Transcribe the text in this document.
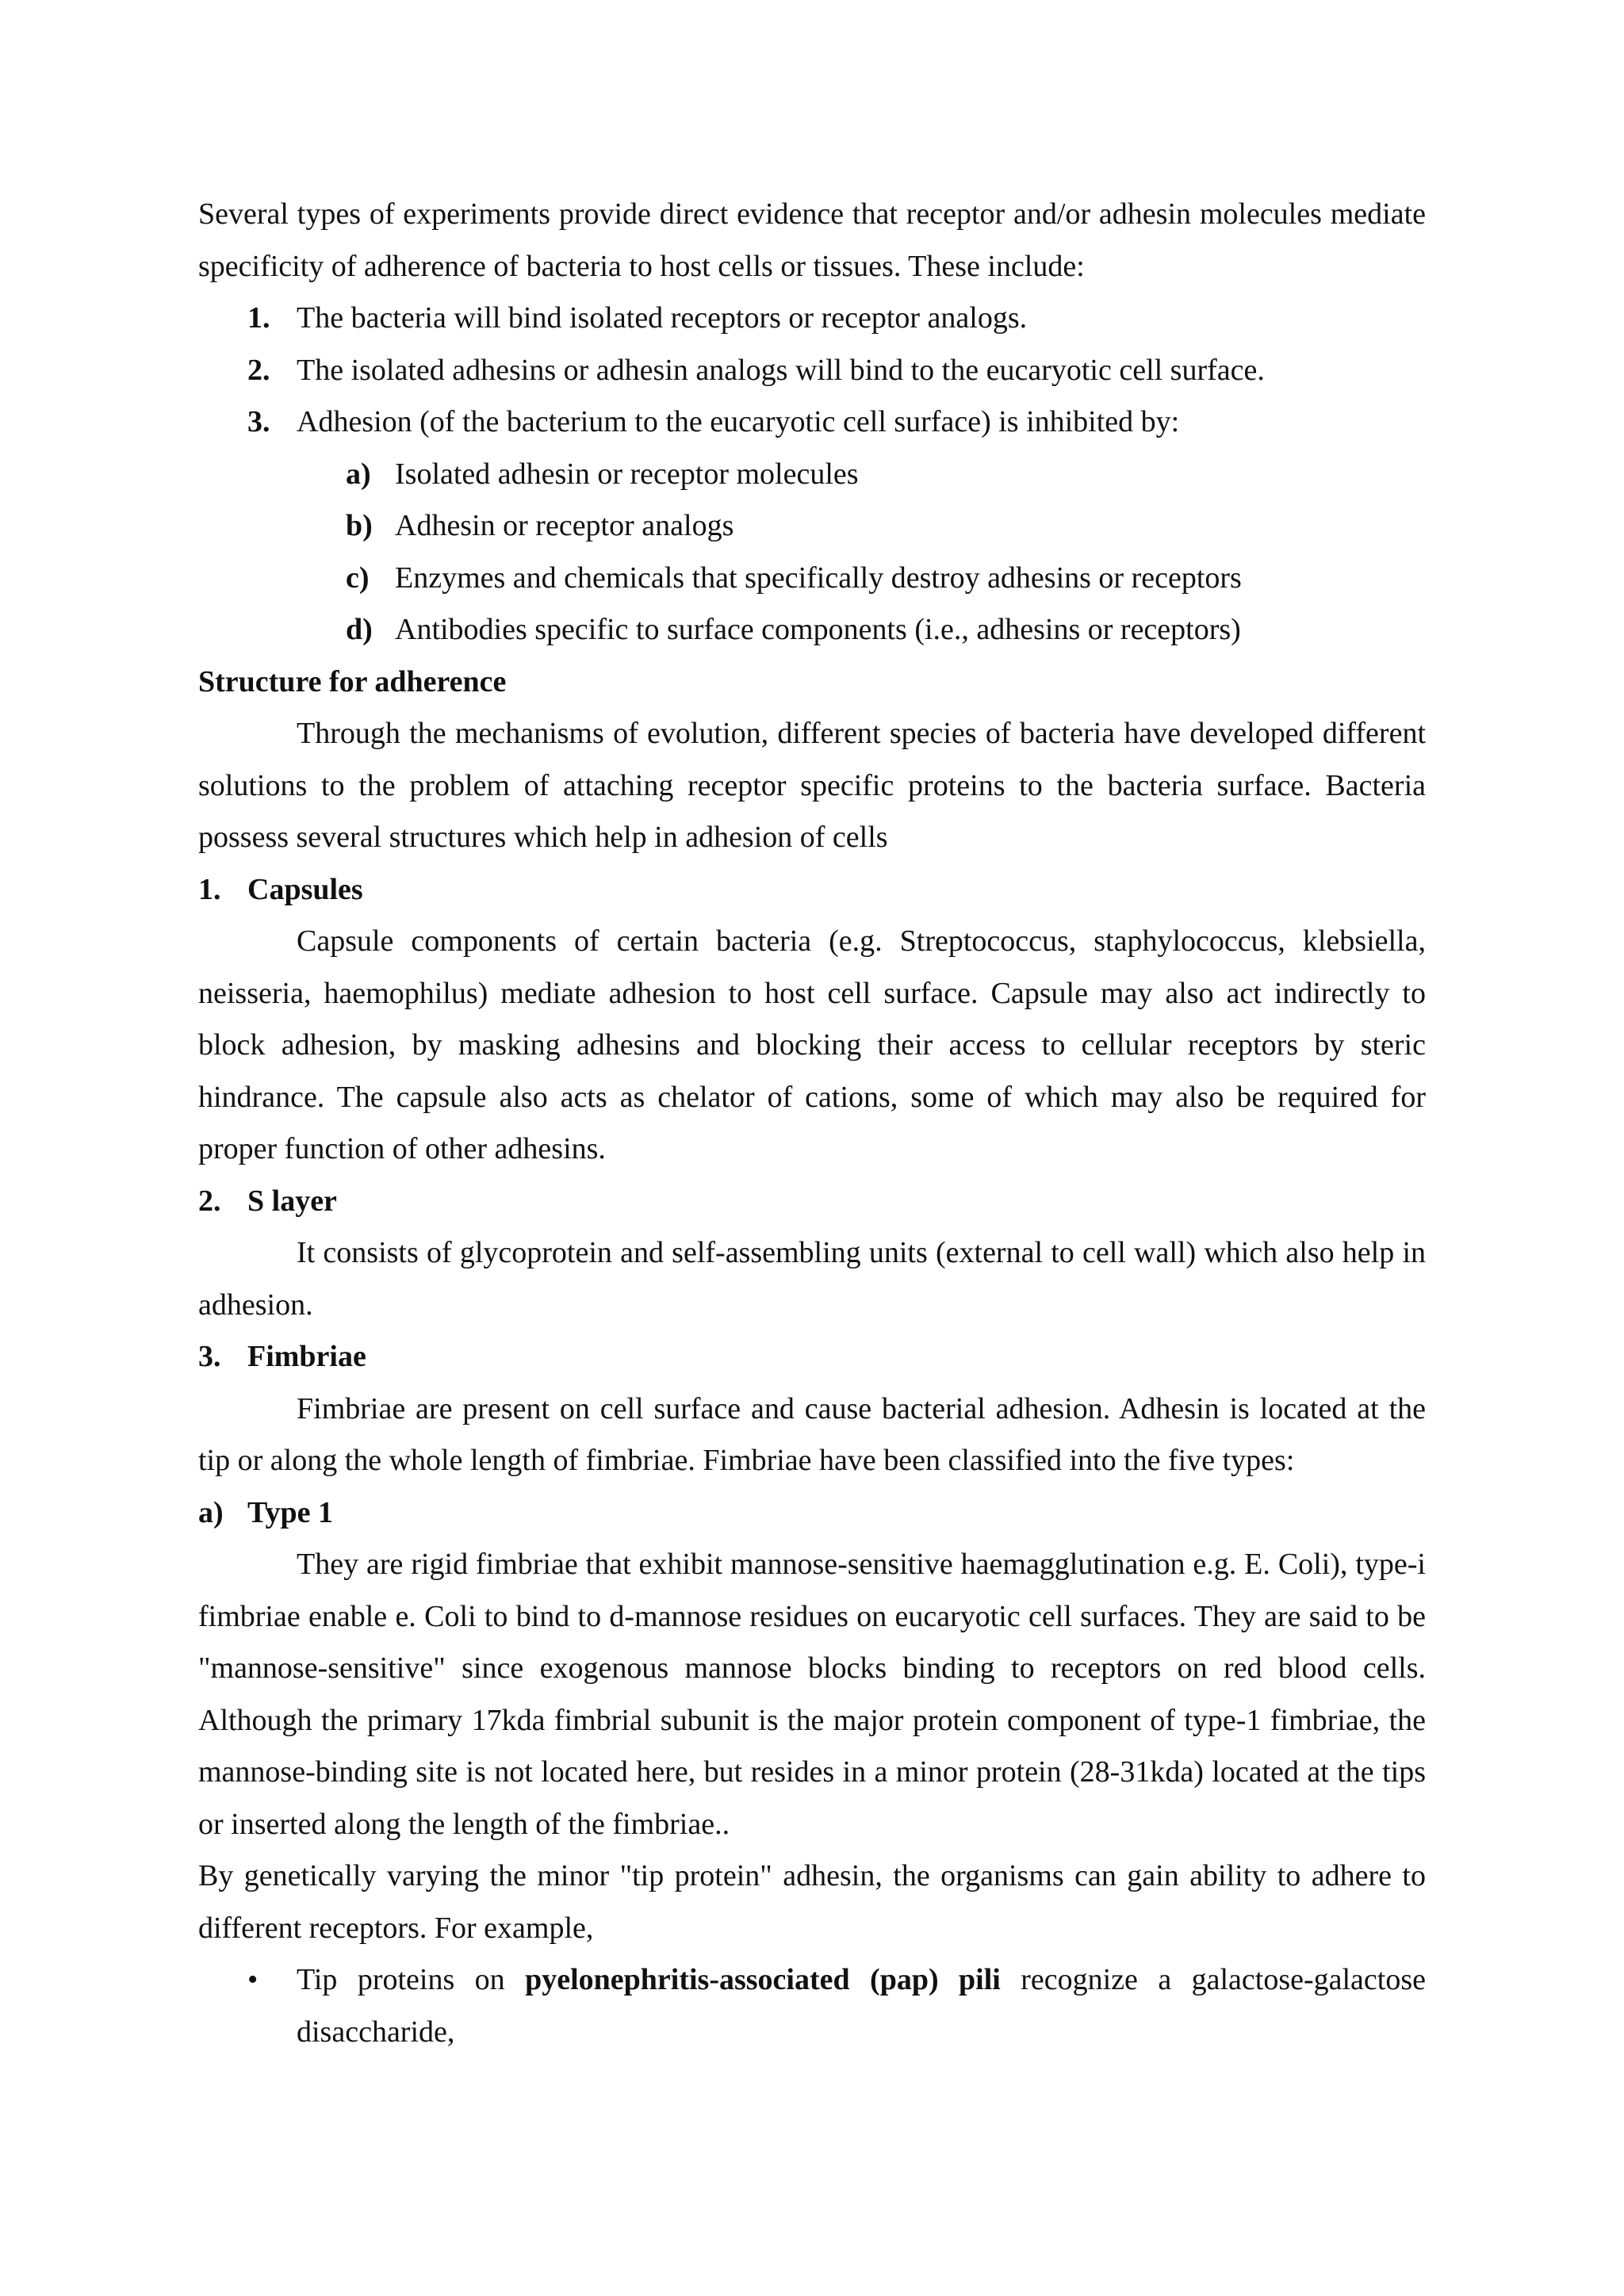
Several types of experiments provide direct evidence that receptor and/or adhesin molecules mediate specificity of adherence of bacteria to host cells or tissues. These include:

1. The bacteria will bind isolated receptors or receptor analogs.
2. The isolated adhesins or adhesin analogs will bind to the eucaryotic cell surface.
3. Adhesion (of the bacterium to the eucaryotic cell surface) is inhibited by:
a) Isolated adhesin or receptor molecules
b) Adhesin or receptor analogs
c) Enzymes and chemicals that specifically destroy adhesins or receptors
d) Antibodies specific to surface components (i.e., adhesins or receptors)
Structure for adherence

Through the mechanisms of evolution, different species of bacteria have developed different solutions to the problem of attaching receptor specific proteins to the bacteria surface. Bacteria possess several structures which help in adhesion of cells

1. Capsules

Capsule components of certain bacteria (e.g. Streptococcus, staphylococcus, klebsiella, neisseria, haemophilus) mediate adhesion to host cell surface. Capsule may also act indirectly to block adhesion, by masking adhesins and blocking their access to cellular receptors by steric hindrance. The capsule also acts as chelator of cations, some of which may also be required for proper function of other adhesins.

2. S layer

It consists of glycoprotein and self-assembling units (external to cell wall) which also help in adhesion.

3. Fimbriae

Fimbriae are present on cell surface and cause bacterial adhesion. Adhesin is located at the tip or along the whole length of fimbriae. Fimbriae have been classified into the five types:

a) Type 1

They are rigid fimbriae that exhibit mannose-sensitive haemagglutination e.g. E. Coli), type-i fimbriae enable e. Coli to bind to d-mannose residues on eucaryotic cell surfaces. They are said to be "mannose-sensitive" since exogenous mannose blocks binding to receptors on red blood cells. Although the primary 17kda fimbrial subunit is the major protein component of type-1 fimbriae, the mannose-binding site is not located here, but resides in a minor protein (28-31kda) located at the tips or inserted along the length of the fimbriae..

By genetically varying the minor "tip protein" adhesin, the organisms can gain ability to adhere to different receptors. For example,

•	Tip proteins on pyelonephritis-associated (pap) pili recognize a galactose-galactose disaccharide,
